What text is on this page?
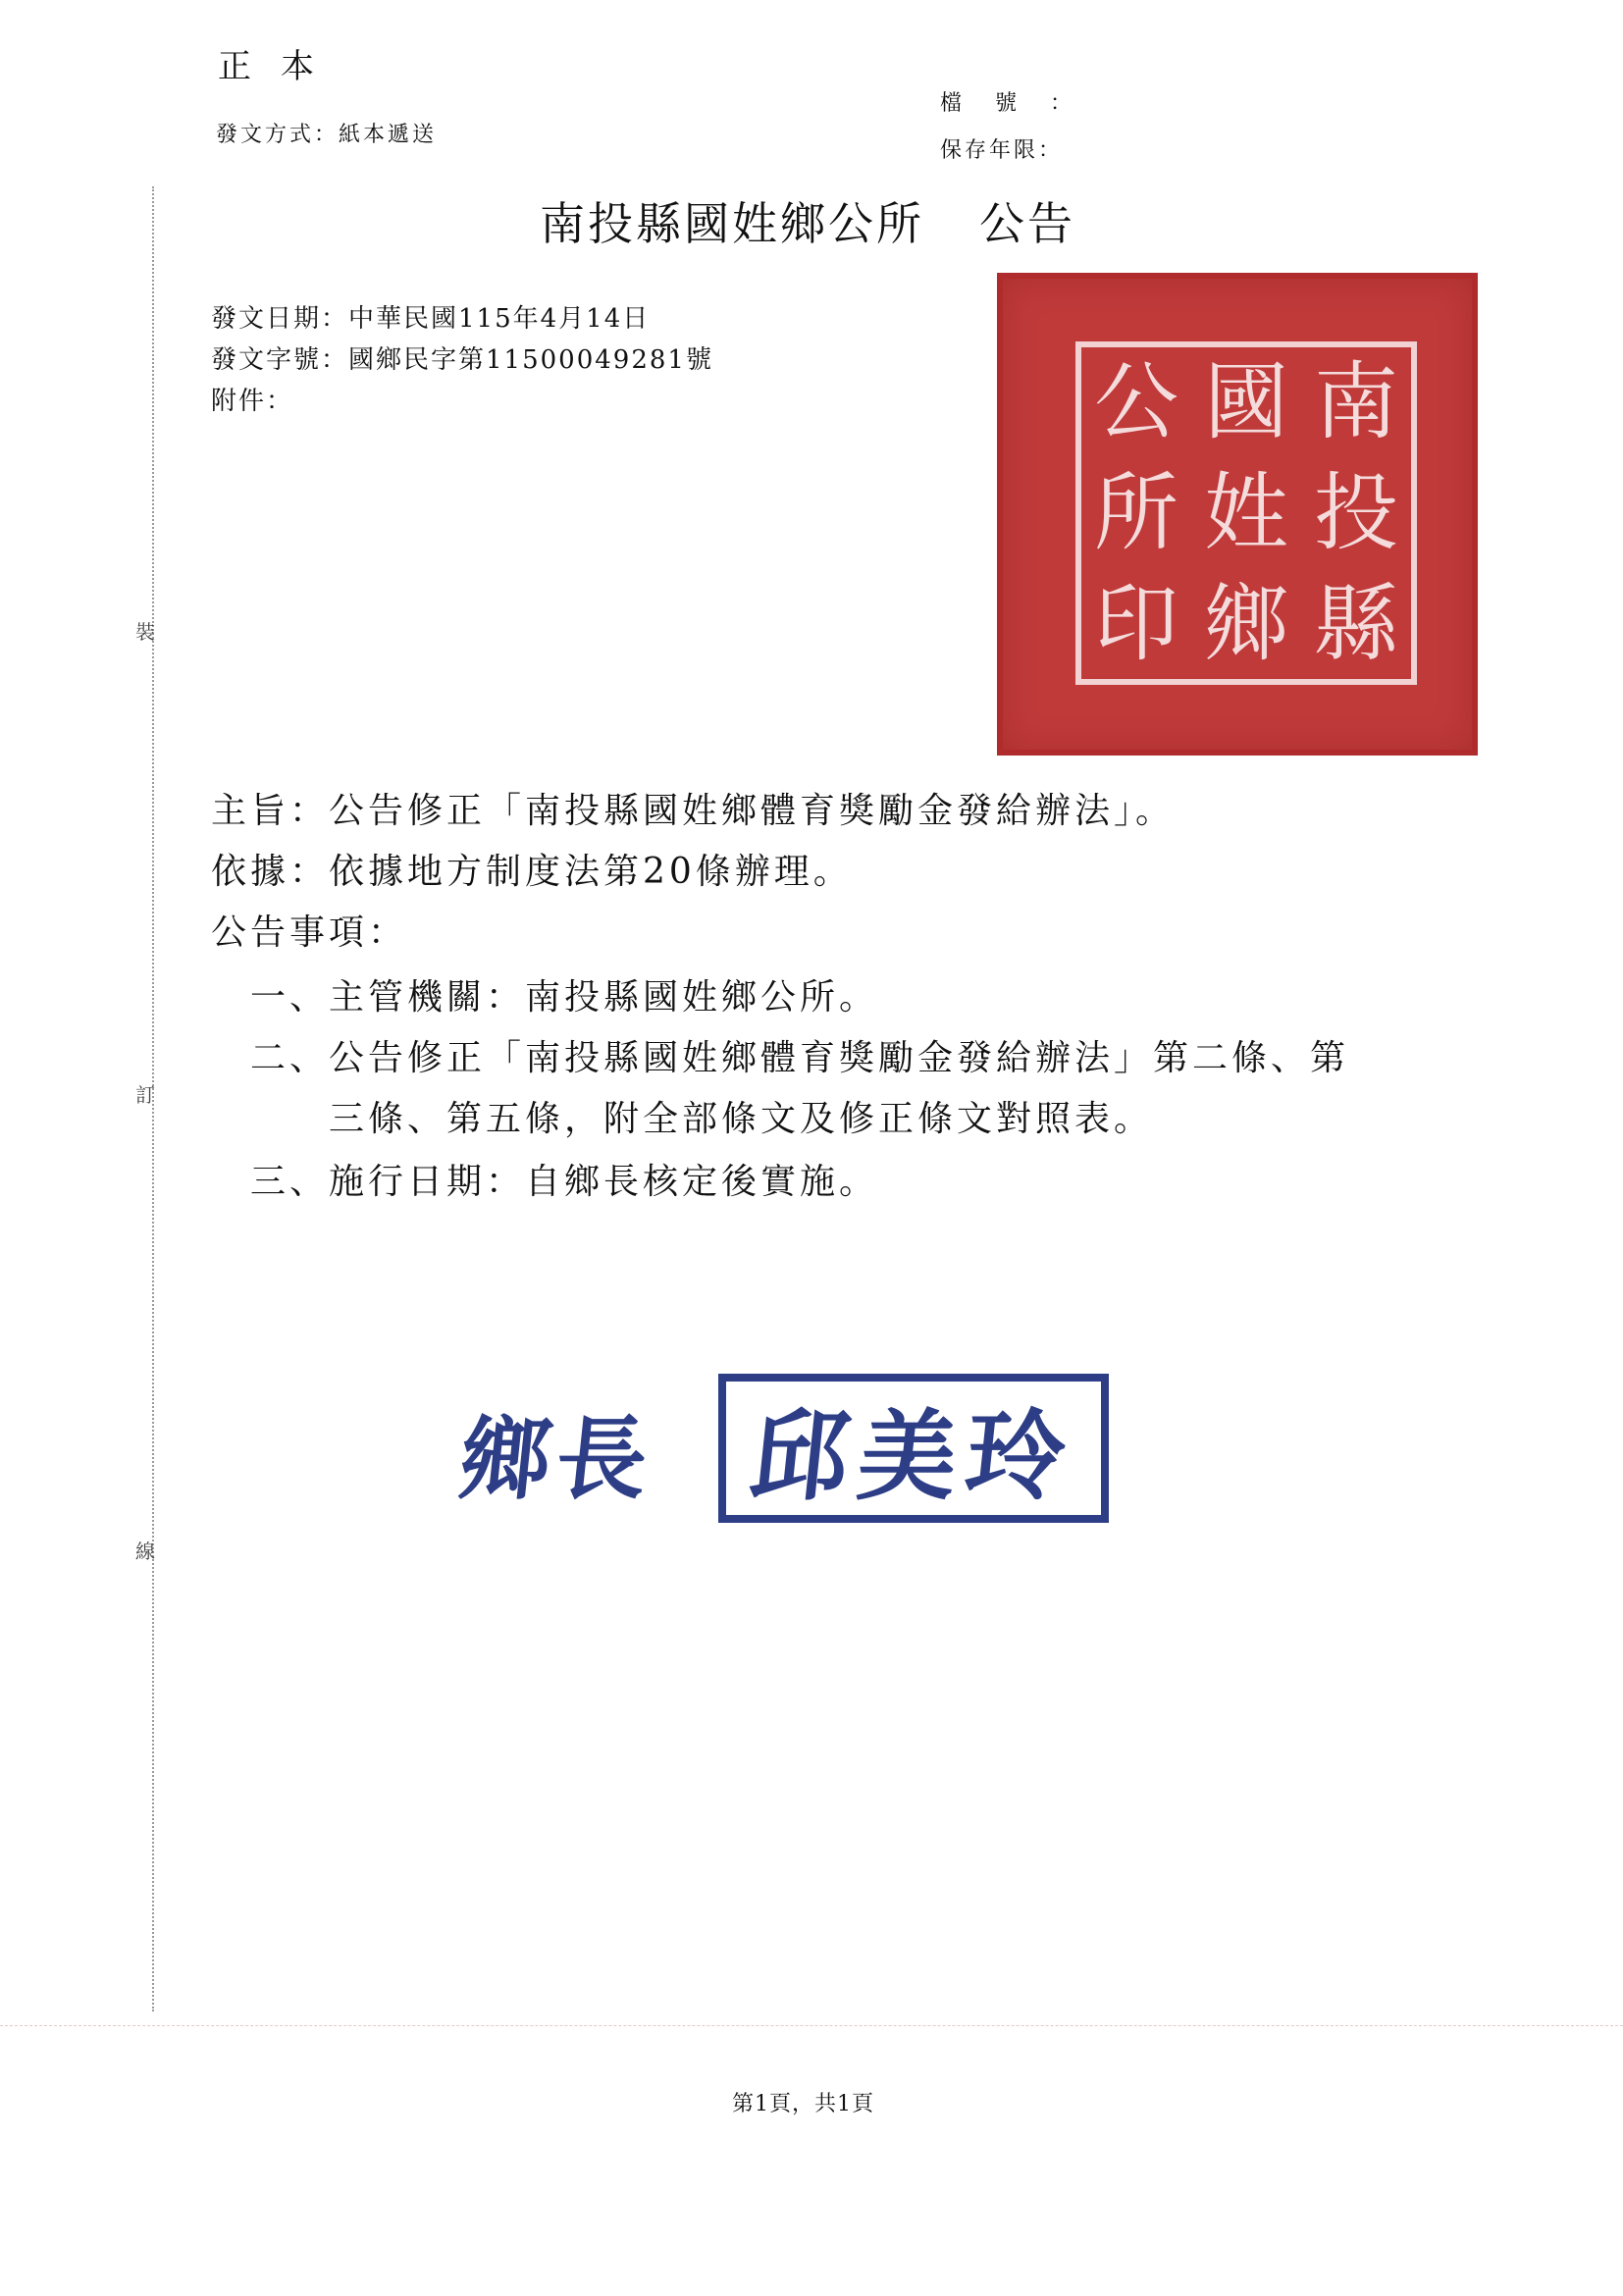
正本
發文方式：紙本遞送
檔號：
保存年限：
裝
訂
線
南投縣國姓鄉公所 公告
發文日期：中華民國115年4月14日
發文字號：國鄉民字第11500049281號
附件：	南
投
縣
國
姓
鄉
公
所
印
主旨：公告修正「南投縣國姓鄉體育獎勵金發給辦法」。
依據：依據地方制度法第20條辦理。
公告事項：
一、主管機關：南投縣國姓鄉公所。
二、公告修正「南投縣國姓鄉體育獎勵金發給辦法」第二條、第
三條、第五條，附全部條文及修正條文對照表。
三、施行日期：自鄉長核定後實施。
鄉長 邱美玲
第1頁，共1頁
